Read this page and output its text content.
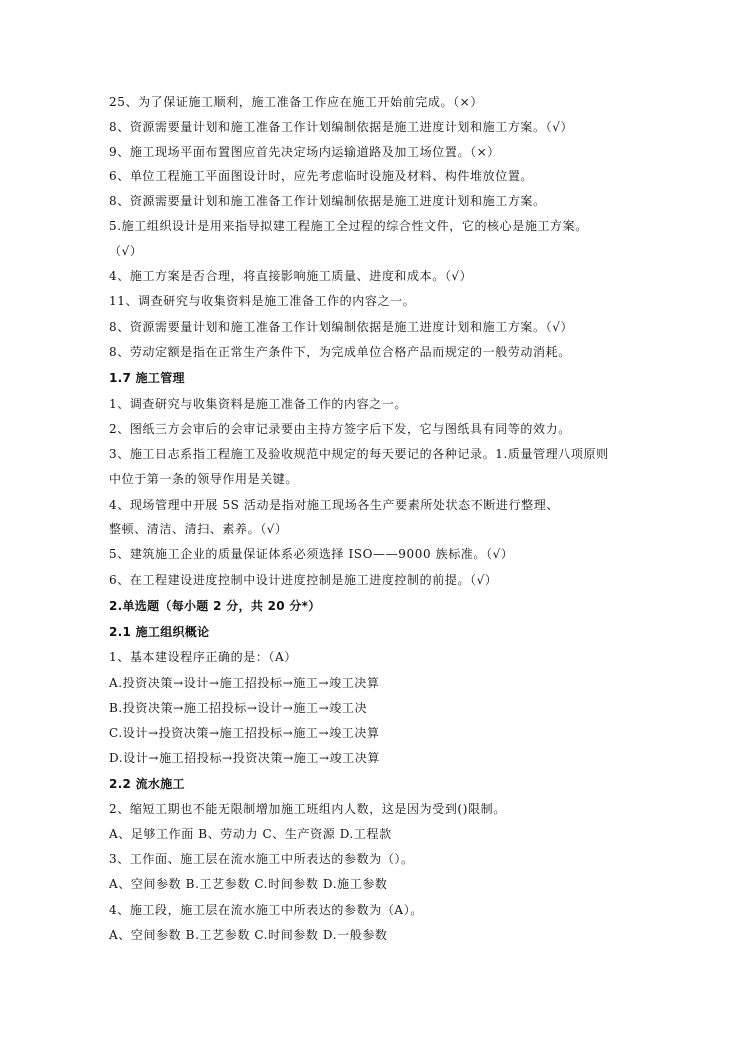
25、为了保证施工顺利，施工准备工作应在施工开始前完成。（×）
8、资源需要量计划和施工准备工作计划编制依据是施工进度计划和施工方案。（√）
9、施工现场平面布置图应首先决定场内运输道路及加工场位置。（×）
6、单位工程施工平面图设计时，应先考虑临时设施及材料、构件堆放位置。
8、资源需要量计划和施工准备工作计划编制依据是施工进度计划和施工方案。
5.施工组织设计是用来指导拟建工程施工全过程的综合性文件，它的核心是施工方案。
（√）
4、施工方案是否合理，将直接影响施工质量、进度和成本。（√）
11、调查研究与收集资料是施工准备工作的内容之一。
8、资源需要量计划和施工准备工作计划编制依据是施工进度计划和施工方案。（√）
8、劳动定额是指在正常生产条件下，为完成单位合格产品而规定的一般劳动消耗。
1.7 施工管理
1、调查研究与收集资料是施工准备工作的内容之一。
2、图纸三方会审后的会审记录要由主持方签字后下发，它与图纸具有同等的效力。
3、施工日志系指工程施工及验收规范中规定的每天要记的各种记录。1.质量管理八项原则
中位于第一条的领导作用是关键。
4、现场管理中开展 5S 活动是指对施工现场各生产要素所处状态不断进行整理、
整顿、清洁、清扫、素养。（√）
5、建筑施工企业的质量保证体系必须选择 ISO——9000 族标准。（√）
6、在工程建设进度控制中设计进度控制是施工进度控制的前提。（√）
2.单选题（每小题 2 分，共 20 分*）
2.1 施工组织概论
1、基本建设程序正确的是：（A）
A.投资决策→设计→施工招投标→施工→竣工决算
B.投资决策→施工招投标→设计→施工→竣工决
C.设计→投资决策→施工招投标→施工→竣工决算
D.设计→施工招投标→投资决策→施工→竣工决算
2.2 流水施工
2、缩短工期也不能无限制增加施工班组内人数，这是因为受到()限制。
A、足够工作面 B、劳动力 C、生产资源 D.工程款
3、工作面、施工层在流水施工中所表达的参数为（）。
A、空间参数 B.工艺参数 C.时间参数 D.施工参数
4、施工段，施工层在流水施工中所表达的参数为（A）。
A、空间参数 B.工艺参数 C.时间参数 D.一般参数
